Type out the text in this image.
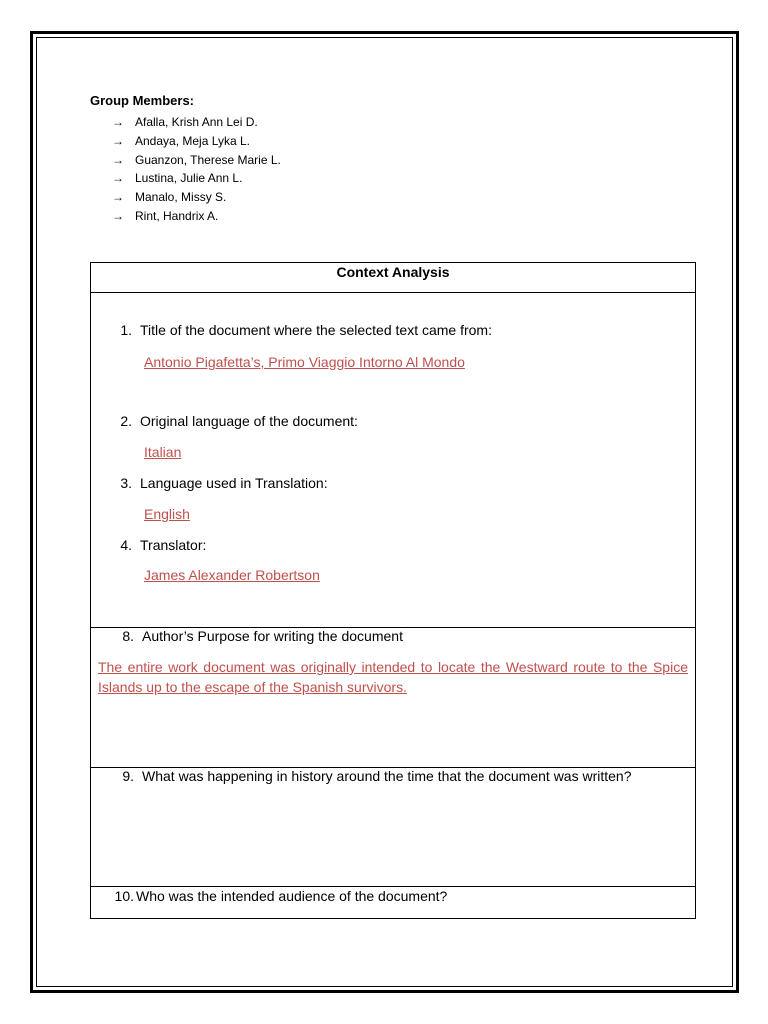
Group Members:
→ Afalla, Krish Ann Lei D.
→ Andaya, Meja Lyka L.
→ Guanzon, Therese Marie L.
→ Lustina, Julie Ann L.
→ Manalo, Missy S.
→ Rint, Handrix A.
Context Analysis
1. Title of the document where the selected text came from:
Antonio Pigafetta’s, Primo Viaggio Intorno Al Mondo
2. Original language of the document:
Italian
3. Language used in Translation:
English
4. Translator:
James Alexander Robertson
8. Author’s Purpose for writing the document
The entire work document was originally intended to locate the Westward route to the Spice Islands up to the escape of the Spanish survivors.
9. What was happening in history around the time that the document was written?
10. Who was the intended audience of the document?
